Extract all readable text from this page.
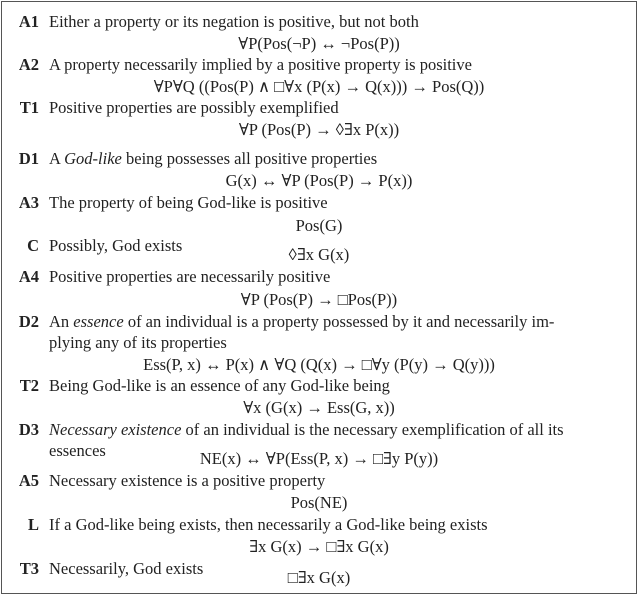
A1 Either a property or its negation is positive, but not both
∀P(Pos(¬P) ↔ ¬Pos(P))
A2 A property necessarily implied by a positive property is positive
∀P∀Q ((Pos(P) ∧ □∀x (P(x) → Q(x))) → Pos(Q))
T1 Positive properties are possibly exemplified
∀P (Pos(P) → ◊∃x P(x))
D1 A God-like being possesses all positive properties
G(x) ↔ ∀P (Pos(P) → P(x))
A3 The property of being God-like is positive
Pos(G)
C Possibly, God exists	◊∃x G(x)
A4 Positive properties are necessarily positive
∀P (Pos(P) → □Pos(P))
D2 An essence of an individual is a property possessed by it and necessarily im-
plying any of its properties
Ess(P, x) ↔ P(x) ∧ ∀Q (Q(x) → □∀y (P(y) → Q(y)))
T2 Being God-like is an essence of any God-like being
∀x (G(x) → Ess(G, x))
D3 Necessary existence of an individual is the necessary exemplification of all its
essences	NE(x) ↔ ∀P(Ess(P, x) → □∃y P(y))
A5 Necessary existence is a positive property
Pos(NE)
L If a God-like being exists, then necessarily a God-like being exists
∃x G(x) → □∃x G(x)
T3 Necessarily, God exists	□∃x G(x)
